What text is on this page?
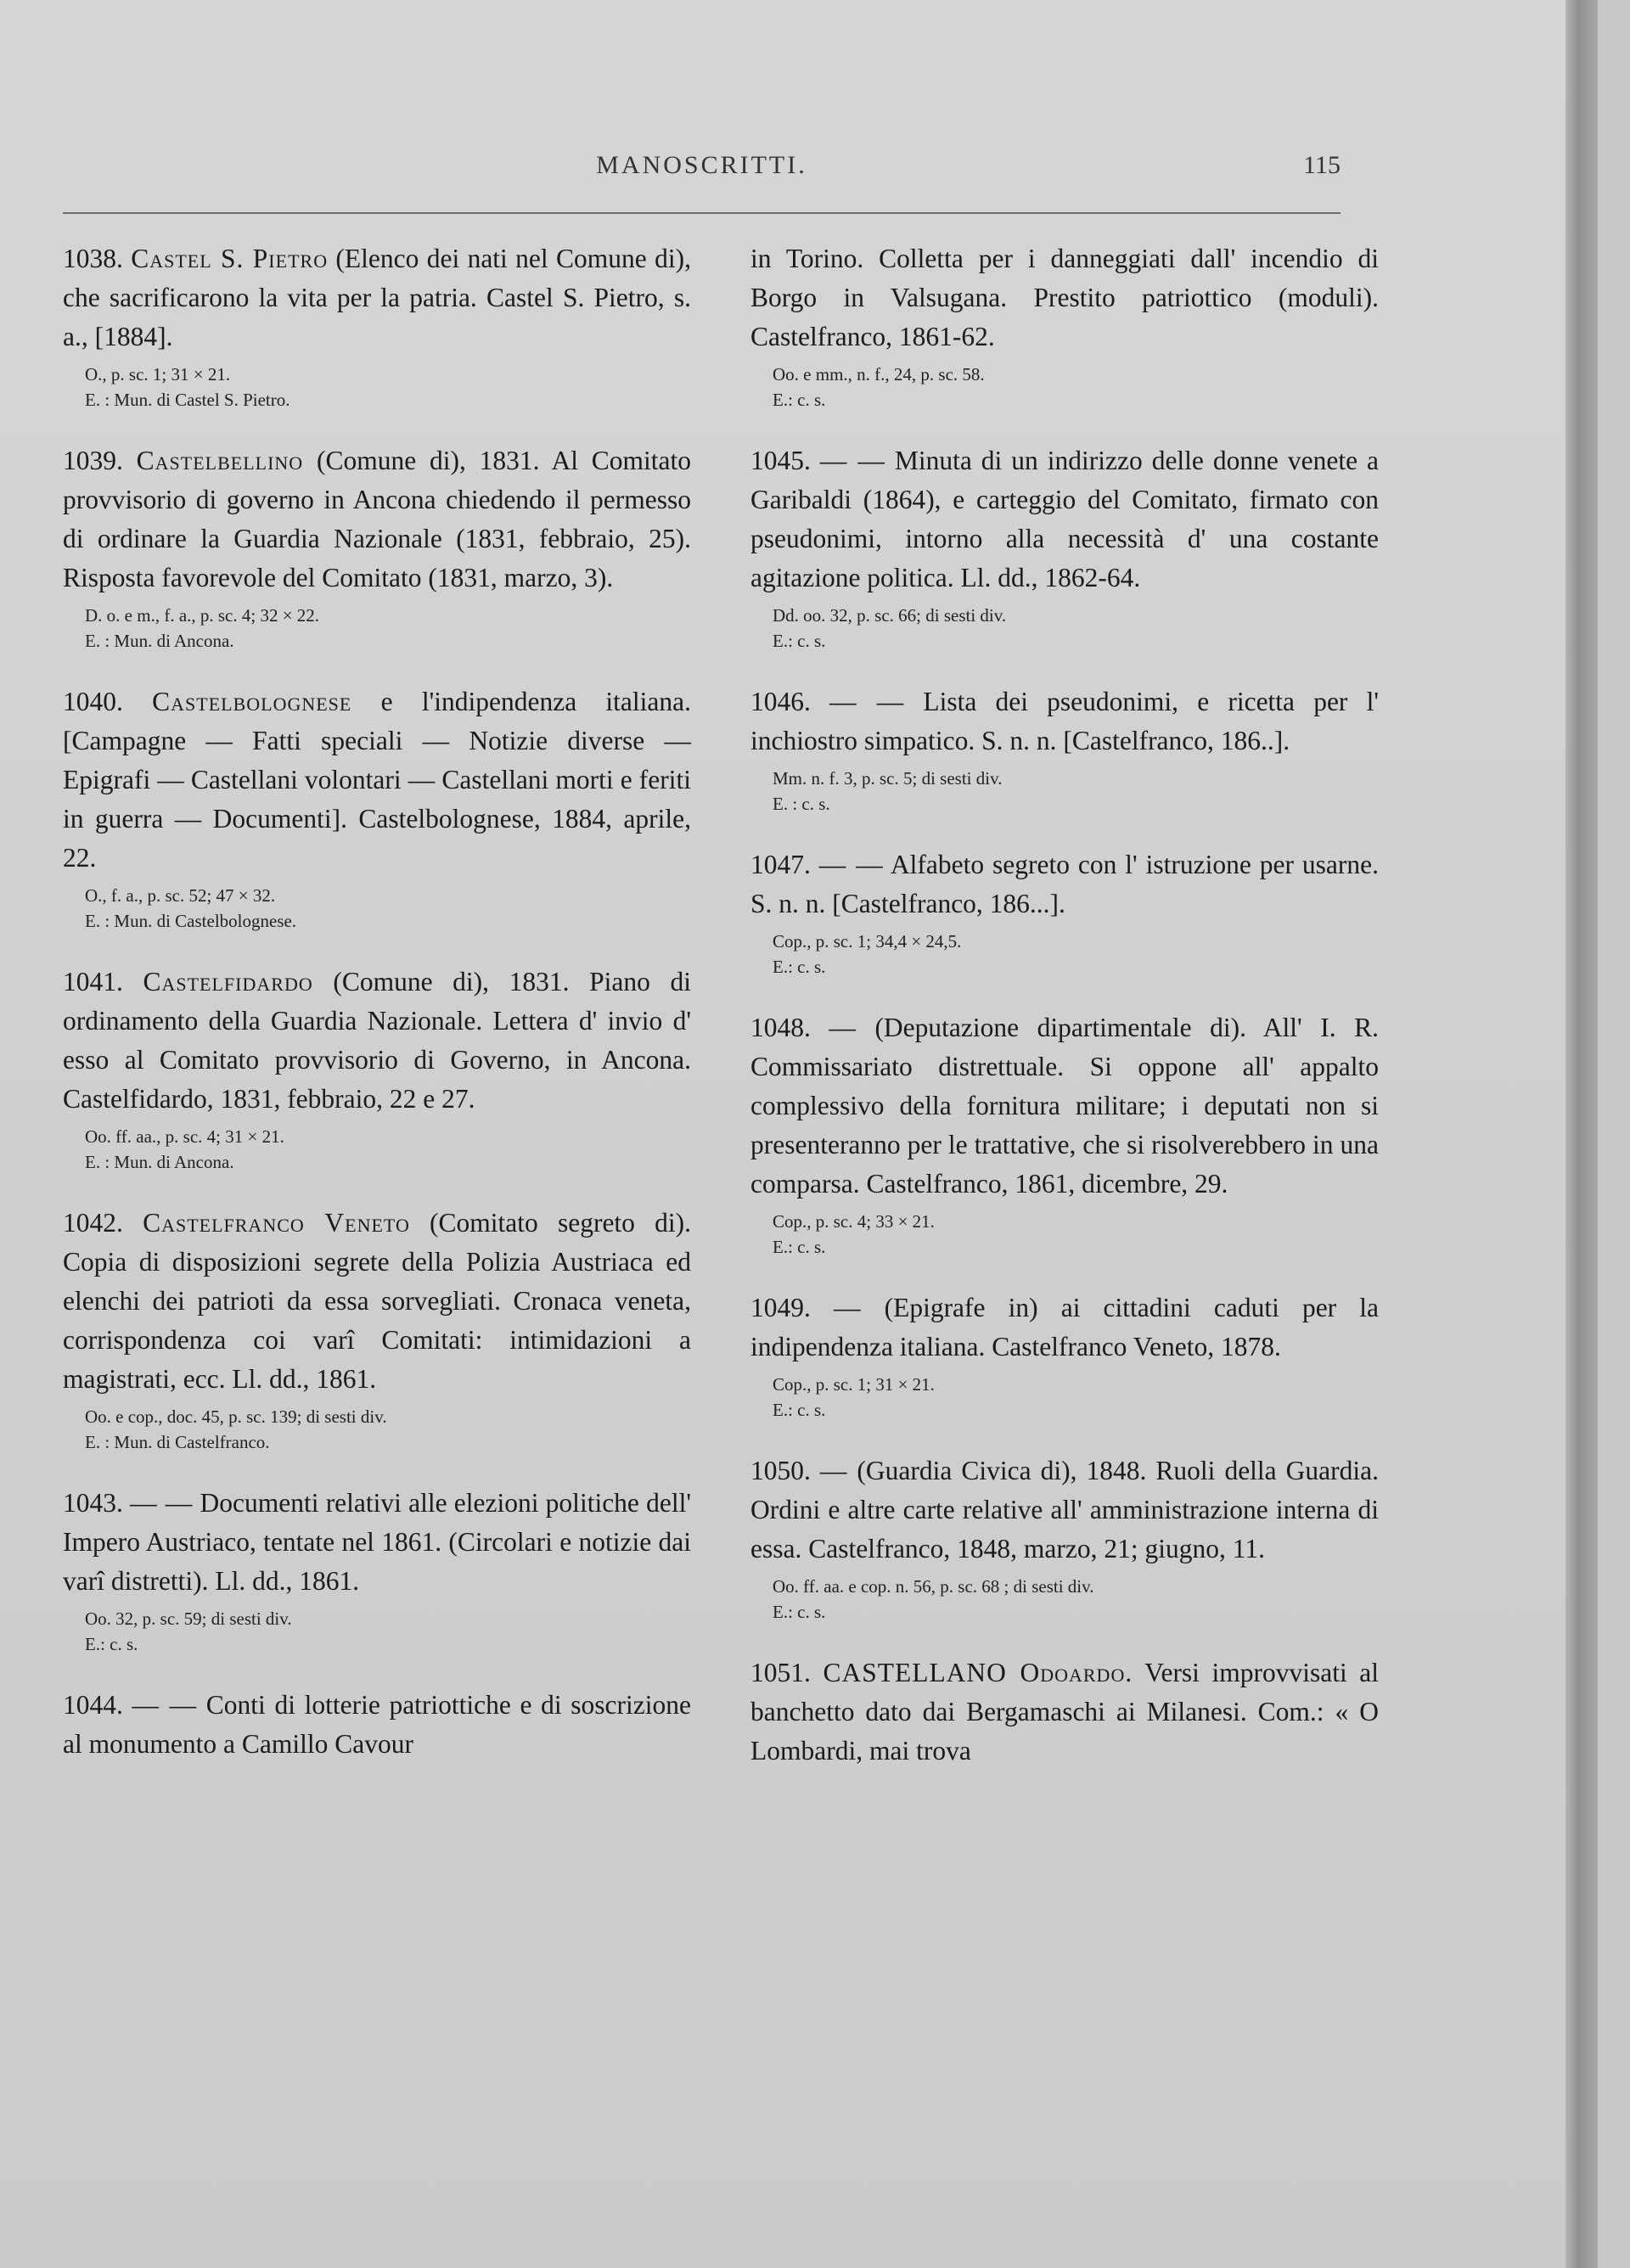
MANOSCRITTI.	115

1038. Castel S. Pietro (Elenco dei nati nel Comune di), che sacrificarono la vita per la patria. Castel S. Pietro, s. a., [1884].

O., p. sc. 1; 31 × 21.
E. : Mun. di Castel S. Pietro.

1039. Castelbellino (Comune di), 1831. Al Comitato provvisorio di governo in Ancona chiedendo il permesso di ordinare la Guardia Nazionale (1831, febbraio, 25). Risposta favorevole del Comitato (1831, marzo, 3).

D. o. e m., f. a., p. sc. 4; 32 × 22.
E. : Mun. di Ancona.

1040. Castelbolognese e l'indipendenza italiana. [Campagne — Fatti speciali — Notizie diverse — Epigrafi — Castellani volontari — Castellani morti e feriti in guerra — Documenti]. Castelbolognese, 1884, aprile, 22.

O., f. a., p. sc. 52; 47 × 32.
E. : Mun. di Castelbolognese.

1041. Castelfidardo (Comune di), 1831. Piano di ordinamento della Guardia Nazionale. Lettera d' invio d' esso al Comitato provvisorio di Governo, in Ancona. Castelfidardo, 1831, febbraio, 22 e 27.

Oo. ff. aa., p. sc. 4; 31 × 21.
E. : Mun. di Ancona.

1042. Castelfranco Veneto (Comitato segreto di). Copia di disposizioni segrete della Polizia Austriaca ed elenchi dei patrioti da essa sorvegliati. Cronaca veneta, corrispondenza coi varî Comitati: intimidazioni a magistrati, ecc. Ll. dd., 1861.

Oo. e cop., doc. 45, p. sc. 139; di sesti div.
E. : Mun. di Castelfranco.

1043. — — Documenti relativi alle elezioni politiche dell' Impero Austriaco, tentate nel 1861. (Circolari e notizie dai varî distretti). Ll. dd., 1861.

Oo. 32, p. sc. 59; di sesti div.
E.: c. s.

1044. — — Conti di lotterie patriottiche e di soscrizione al monumento a Camillo Cavour

in Torino. Colletta per i danneggiati dall' incendio di Borgo in Valsugana. Prestito patriottico (moduli). Castelfranco, 1861-62.

Oo. e mm., n. f., 24, p. sc. 58.
E.: c. s.

1045. — — Minuta di un indirizzo delle donne venete a Garibaldi (1864), e carteggio del Comitato, firmato con pseudonimi, intorno alla necessità d' una costante agitazione politica. Ll. dd., 1862-64.

Dd. oo. 32, p. sc. 66; di sesti div.
E.: c. s.

1046. — — Lista dei pseudonimi, e ricetta per l' inchiostro simpatico. S. n. n. [Castelfranco, 186..].

Mm. n. f. 3, p. sc. 5; di sesti div.
E. : c. s.

1047. — — Alfabeto segreto con l' istruzione per usarne. S. n. n. [Castelfranco, 186...].

Cop., p. sc. 1; 34,4 × 24,5.
E.: c. s.

1048. — (Deputazione dipartimentale di). All' I. R. Commissariato distrettuale. Si oppone all' appalto complessivo della fornitura militare; i deputati non si presenteranno per le trattative, che si risolverebbero in una comparsa. Castelfranco, 1861, dicembre, 29.

Cop., p. sc. 4; 33 × 21.
E.: c. s.

1049. — (Epigrafe in) ai cittadini caduti per la indipendenza italiana. Castelfranco Veneto, 1878.

Cop., p. sc. 1; 31 × 21.
E.: c. s.

1050. — (Guardia Civica di), 1848. Ruoli della Guardia. Ordini e altre carte relative all' amministrazione interna di essa. Castelfranco, 1848, marzo, 21; giugno, 11.

Oo. ff. aa. e cop. n. 56, p. sc. 68 ; di sesti div.
E.: c. s.

1051. CASTELLANO Odoardo. Versi improvvisati al banchetto dato dai Bergamaschi ai Milanesi. Com.: « O Lombardi, mai trova
